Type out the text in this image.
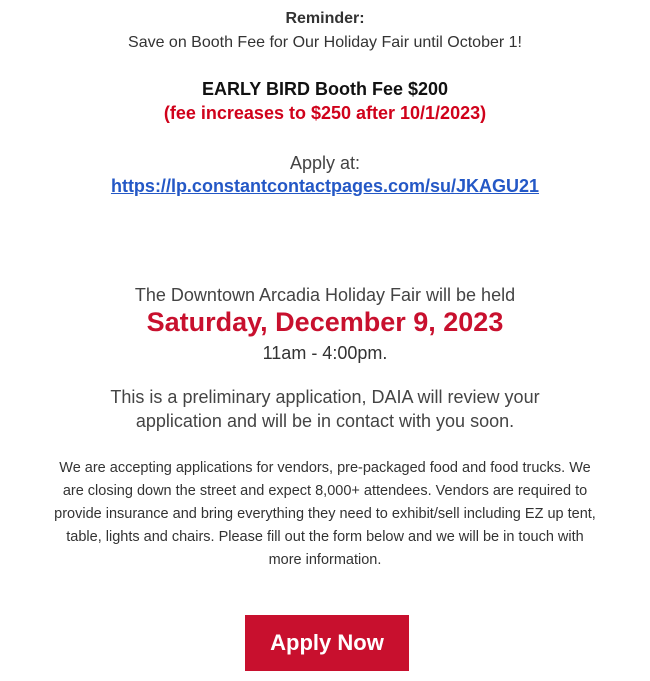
Reminder:
Save on Booth Fee for Our Holiday Fair until October 1!
EARLY BIRD Booth Fee $200
(fee increases to $250 after 10/1/2023)
Apply at:
https://lp.constantcontactpages.com/su/JKAGU21
The Downtown Arcadia Holiday Fair will be held
Saturday, December 9, 2023
11am - 4:00pm.
This is a preliminary application, DAIA will review your application and will be in contact with you soon.
We are accepting applications for vendors, pre-packaged food and food trucks. We are closing down the street and expect 8,000+ attendees. Vendors are required to provide insurance and bring everything they need to exhibit/sell including EZ up tent, table, lights and chairs. Please fill out the form below and we will be in touch with more information.
Apply Now
